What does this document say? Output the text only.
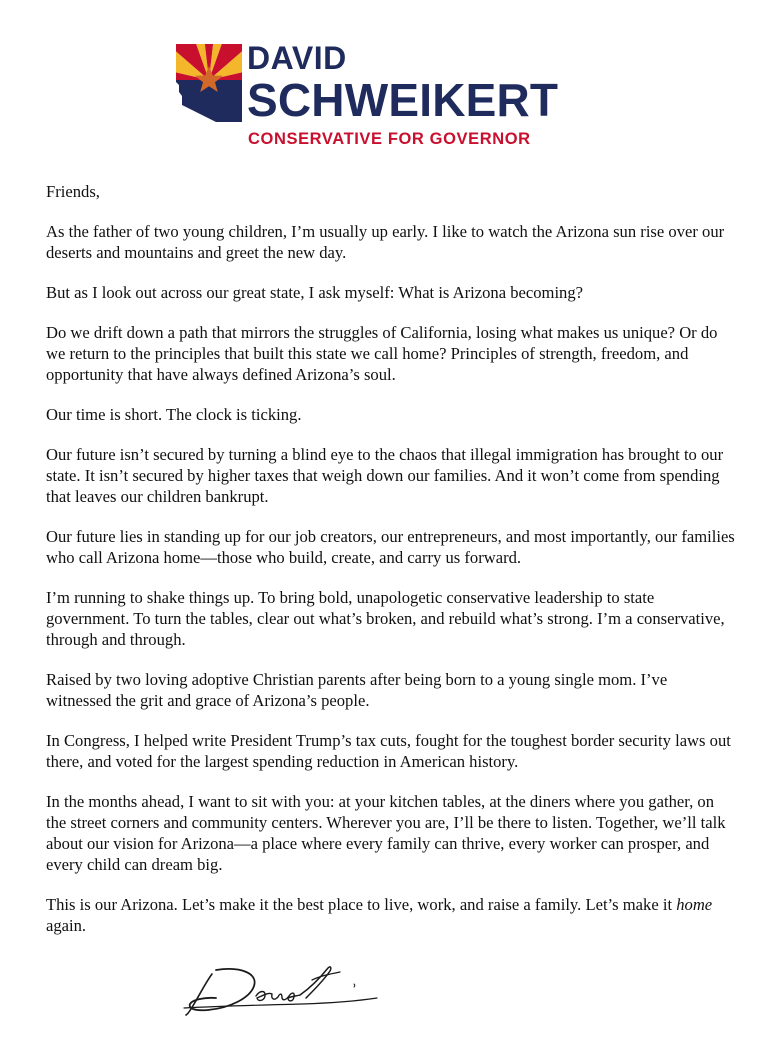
DAVID
SCHWEIKERT
CONSERVATIVE FOR GOVERNOR

Friends,

As the father of two young children, I’m usually up early. I like to watch the Arizona sun rise over our deserts and mountains and greet the new day.

But as I look out across our great state, I ask myself: What is Arizona becoming?

Do we drift down a path that mirrors the struggles of California, losing what makes us unique? Or do we return to the principles that built this state we call home? Principles of strength, freedom, and opportunity that have always defined Arizona’s soul.

Our time is short. The clock is ticking.

Our future isn’t secured by turning a blind eye to the chaos that illegal immigration has brought to our state. It isn’t secured by higher taxes that weigh down our families. And it won’t come from spending that leaves our children bankrupt.

Our future lies in standing up for our job creators, our entrepreneurs, and most importantly, our families who call Arizona home—those who build, create, and carry us forward.

I’m running to shake things up. To bring bold, unapologetic conservative leadership to state government. To turn the tables, clear out what’s broken, and rebuild what’s strong. I’m a conservative, through and through.

Raised by two loving adoptive Christian parents after being born to a young single mom. I’ve witnessed the grit and grace of Arizona’s people.

In Congress, I helped write President Trump’s tax cuts, fought for the toughest border security laws out there, and voted for the largest spending reduction in American history.

In the months ahead, I want to sit with you: at your kitchen tables, at the diners where you gather, on the street corners and community centers. Wherever you are, I’ll be there to listen. Together, we’ll talk about our vision for Arizona—a place where every family can thrive, every worker can prosper, and every child can dream big.

This is our Arizona. Let’s make it the best place to live, work, and raise a family. Let’s make it home again.

David
